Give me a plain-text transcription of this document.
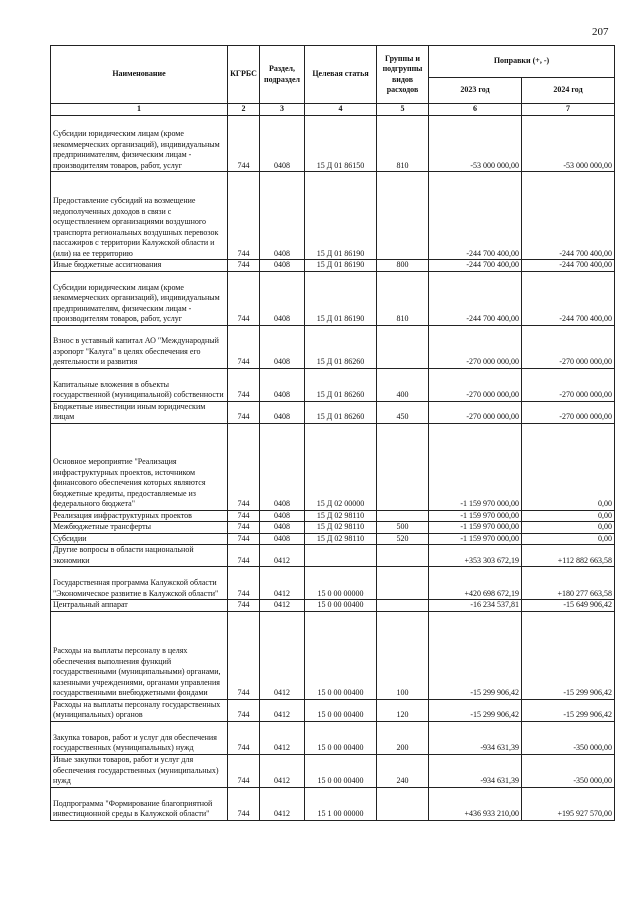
207
Наименование	КГРБС	Раздел, подраздел	Целевая статья	Группы и подгруппы видов расходов	Поправки (+, -)	
					2023 год	2024 год
1	2	3	4	5	6	7
Субсидии юридическим лицам (кроме некоммерческих организаций), индивидуальным предпринимателям, физическим лицам - производителям товаров, работ, услуг	744	0408	15 Д 01 86150	810	-53 000 000,00	-53 000 000,00
Предоставление субсидий на возмещение недополученных доходов в связи с осуществлением организациями воздушного транспорта региональных воздушных перевозок пассажиров с территории Калужской области и (или) на ее территорию	744	0408	15 Д 01 86190		-244 700 400,00	-244 700 400,00
Иные бюджетные ассигнования	744	0408	15 Д 01 86190	800	-244 700 400,00	-244 700 400,00
Субсидии юридическим лицам (кроме некоммерческих организаций), индивидуальным предпринимателям, физическим лицам - производителям товаров, работ, услуг	744	0408	15 Д 01 86190	810	-244 700 400,00	-244 700 400,00
Взнос в уставный капитал АО "Международный аэропорт "Калуга" в целях обеспечения его деятельности и развития	744	0408	15 Д 01 86260		-270 000 000,00	-270 000 000,00
Капитальные вложения в объекты государственной (муниципальной) собственности	744	0408	15 Д 01 86260	400	-270 000 000,00	-270 000 000,00
Бюджетные инвестиции иным юридическим лицам	744	0408	15 Д 01 86260	450	-270 000 000,00	-270 000 000,00
Основное мероприятие "Реализация инфраструктурных проектов, источником финансового обеспечения которых являются бюджетные кредиты, предоставляемые из федерального бюджета"	744	0408	15 Д 02 00000		-1 159 970 000,00	0,00
Реализация инфраструктурных проектов	744	0408	15 Д 02 98110		-1 159 970 000,00	0,00
Межбюджетные трансферты	744	0408	15 Д 02 98110	500	-1 159 970 000,00	0,00
Субсидии	744	0408	15 Д 02 98110	520	-1 159 970 000,00	0,00
Другие вопросы в области национальной экономики	744	0412			+353 303 672,19	+112 882 663,58
Государственная программа Калужской области "Экономическое развитие в Калужской области"	744	0412	15 0 00 00000		+420 698 672,19	+180 277 663,58
Центральный аппарат	744	0412	15 0 00 00400		-16 234 537,81	-15 649 906,42
Расходы на выплаты персоналу в целях обеспечения выполнения функций государственными (муниципальными) органами, казенными учреждениями, органами управления государственными внебюджетными фондами	744	0412	15 0 00 00400	100	-15 299 906,42	-15 299 906,42
Расходы на выплаты персоналу государственных (муниципальных) органов	744	0412	15 0 00 00400	120	-15 299 906,42	-15 299 906,42
Закупка товаров, работ и услуг для обеспечения государственных (муниципальных) нужд	744	0412	15 0 00 00400	200	-934 631,39	-350 000,00
Иные закупки товаров, работ и услуг для обеспечения государственных (муниципальных) нужд	744	0412	15 0 00 00400	240	-934 631,39	-350 000,00
Подпрограмма "Формирование благоприятной инвестиционной среды в Калужской области"	744	0412	15 1 00 00000		+436 933 210,00	+195 927 570,00
